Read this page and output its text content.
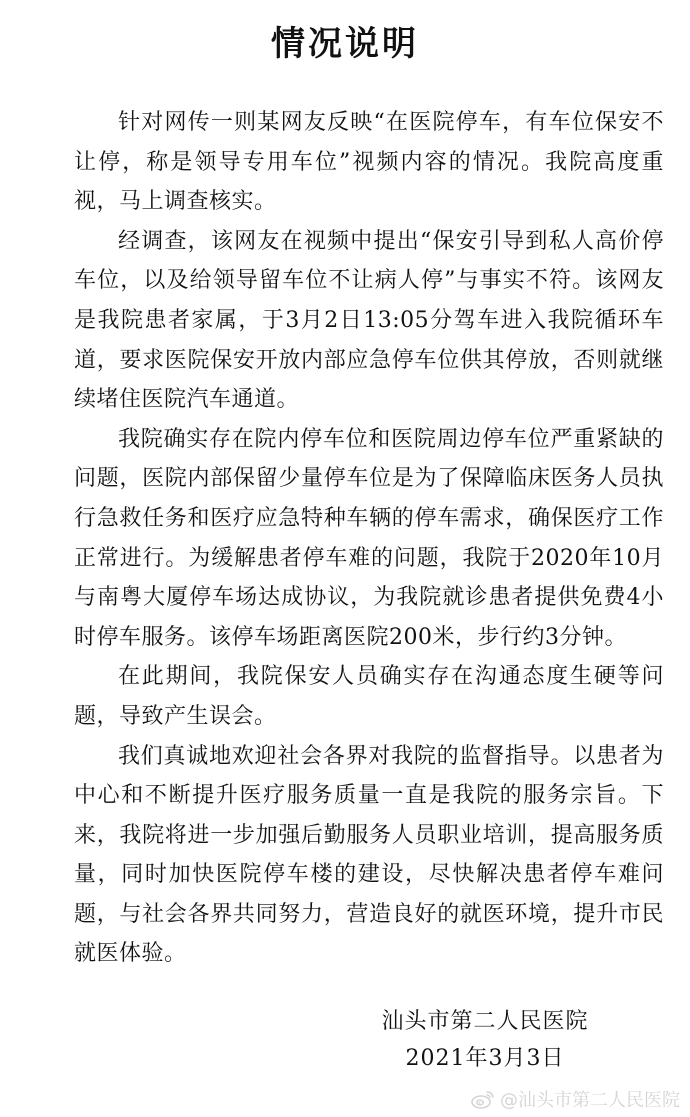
情况说明

针对网传一则某网友反映“在医院停车，有车位保安不让停，称是领导专用车位”视频内容的情况。我院高度重视，马上调查核实。

经调查，该网友在视频中提出“保安引导到私人高价停车位，以及给领导留车位不让病人停”与事实不符。该网友是我院患者家属，于3月2日13:05分驾车进入我院循环车道，要求医院保安开放内部应急停车位供其停放，否则就继续堵住医院汽车通道。

我院确实存在院内停车位和医院周边停车位严重紧缺的问题，医院内部保留少量停车位是为了保障临床医务人员执行急救任务和医疗应急特种车辆的停车需求，确保医疗工作正常进行。为缓解患者停车难的问题，我院于2020年10月与南粤大厦停车场达成协议，为我院就诊患者提供免费4小时停车服务。该停车场距离医院200米，步行约3分钟。

在此期间，我院保安人员确实存在沟通态度生硬等问题，导致产生误会。

我们真诚地欢迎社会各界对我院的监督指导。以患者为中心和不断提升医疗服务质量一直是我院的服务宗旨。下来，我院将进一步加强后勤服务人员职业培训，提高服务质量，同时加快医院停车楼的建设，尽快解决患者停车难问题，与社会各界共同努力，营造良好的就医环境，提升市民就医体验。

汕头市第二人民医院
2021年3月3日
@汕头市第二人民医院
